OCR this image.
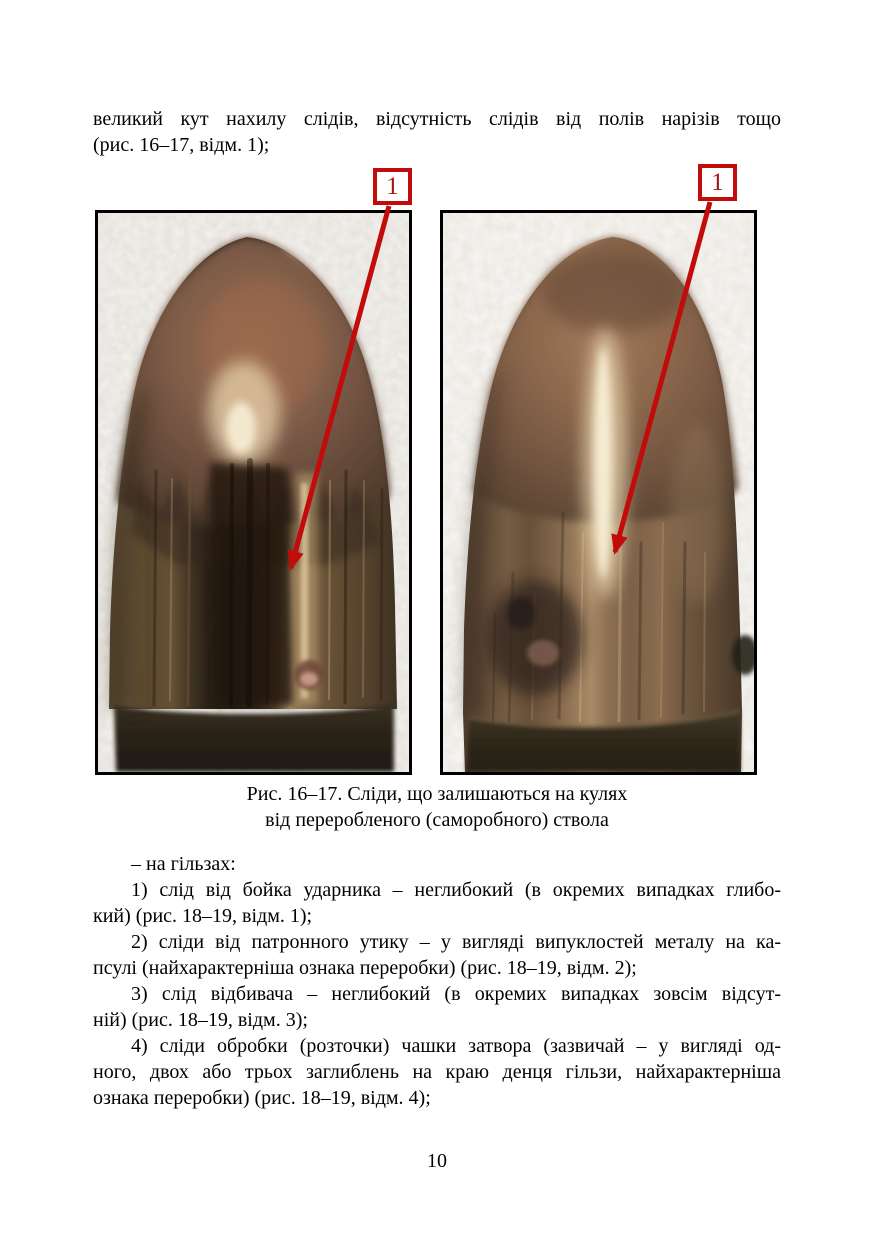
великий кут нахилу слідів, відсутність слідів від полів нарізів тощо
(рис. 16–17, відм. 1);
1	1
Рис. 16–17. Сліди, що залишаються на кулях
від переробленого (саморобного) ствола
– на гільзах:
1) слід від бойка ударника – неглибокий (в окремих випадках глибо-
кий) (рис. 18–19, відм. 1);
2) сліди від патронного утику – у вигляді випуклостей металу на ка-
псулі (найхарактерніша ознака переробки) (рис. 18–19, відм. 2);
3) слід відбивача – неглибокий (в окремих випадках зовсім відсут-
ній) (рис. 18–19, відм. 3);
4) сліди обробки (розточки) чашки затвора (зазвичай – у вигляді од-
ного, двох або трьох заглиблень на краю денця гільзи, найхарактерніша
ознака переробки) (рис. 18–19, відм. 4);
10
